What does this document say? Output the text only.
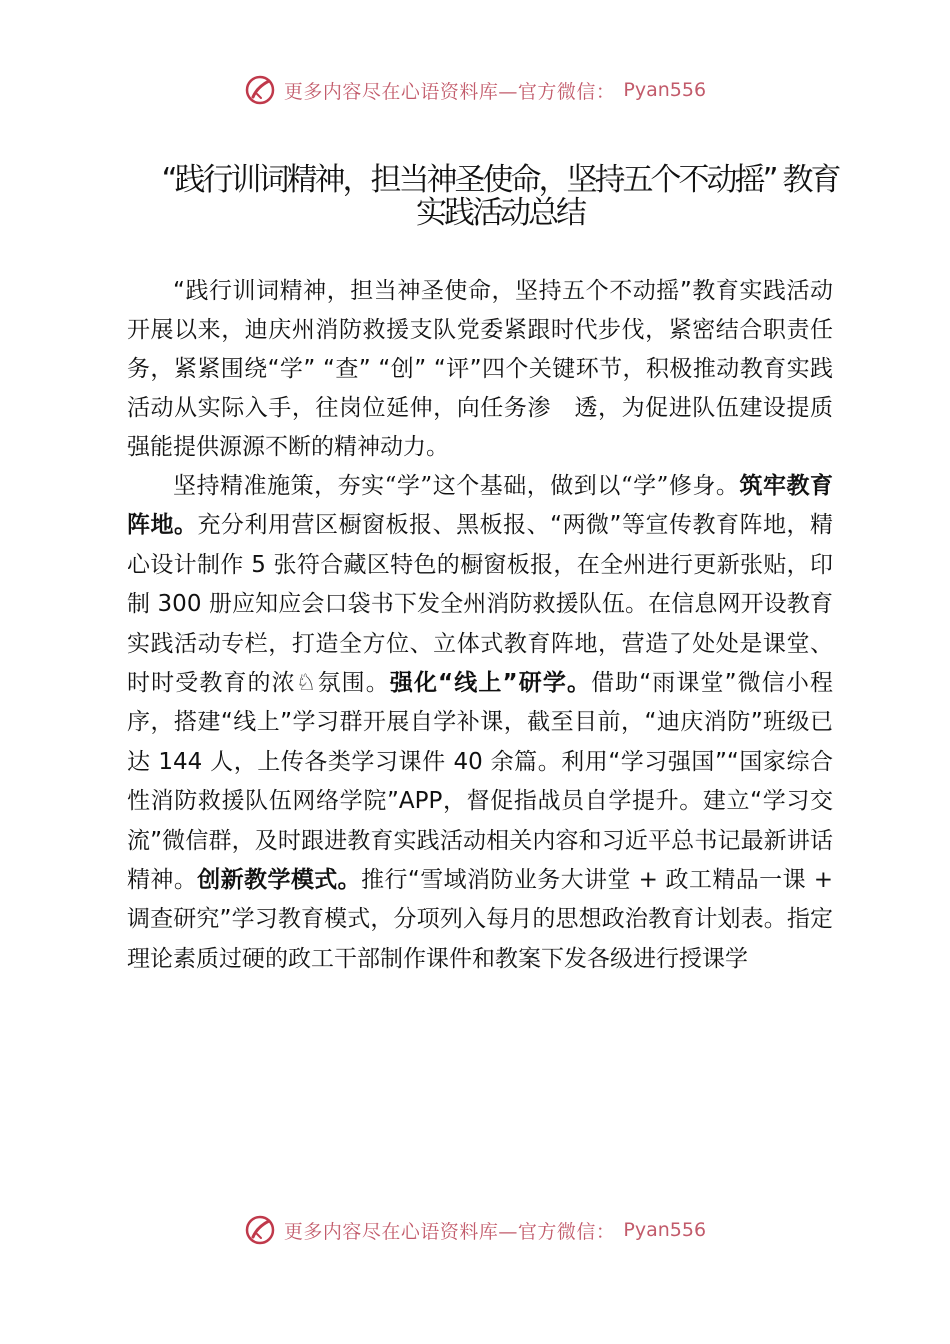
更多内容尽在心语资料库—官方微信： Pyan556
“践行训词精神，担当神圣使命，坚持五个不动摇” 教育实践活动总结

“践行训词精神，担当神圣使命，坚持五个不动摇”教育实践活动开展以来，迪庆州消防救援支队党委紧跟时代步伐，紧密结合职责任务，紧紧围绕“学” “查” “创” “评”四个关键环节，积极推动教育实践活动从实际入手，往岗位延伸，向任务渗　透，为促进队伍建设提质强能提供源源不断的精神动力。

坚持精准施策，夯实“学”这个基础，做到以“学”修身。筑牢教育阵地。充分利用营区橱窗板报、黑板报、“两微”等宣传教育阵地，精心设计制作 5 张符合藏区特色的橱窗板报，在全州进行更新张贴，印制 300 册应知应会口袋书下发全州消防救援队伍。在信息网开设教育实践活动专栏，打造全方位、立体式教育阵地，营造了处处是课堂、时时受教育的浓♘氛围。强化“线上”研学。借助“雨课堂”微信小程序，搭建“线上”学习群开展自学补课，截至目前，“迪庆消防”班级已达 144 人，上传各类学习课件 40 余篇。利用“学习强国”“国家综合性消防救援队伍网络学院”APP，督促指战员自学提升。建立“学习交流”微信群，及时跟进教育实践活动相关内容和习近平总书记最新讲话精神。创新教学模式。推行“雪域消防业务大讲堂 + 政工精品一课 + 调查研究”学习教育模式，分项列入每月的思想政治教育计划表。指定理论素质过硬的政工干部制作课件和教案下发各级进行授课学

更多内容尽在心语资料库—官方微信： Pyan556
